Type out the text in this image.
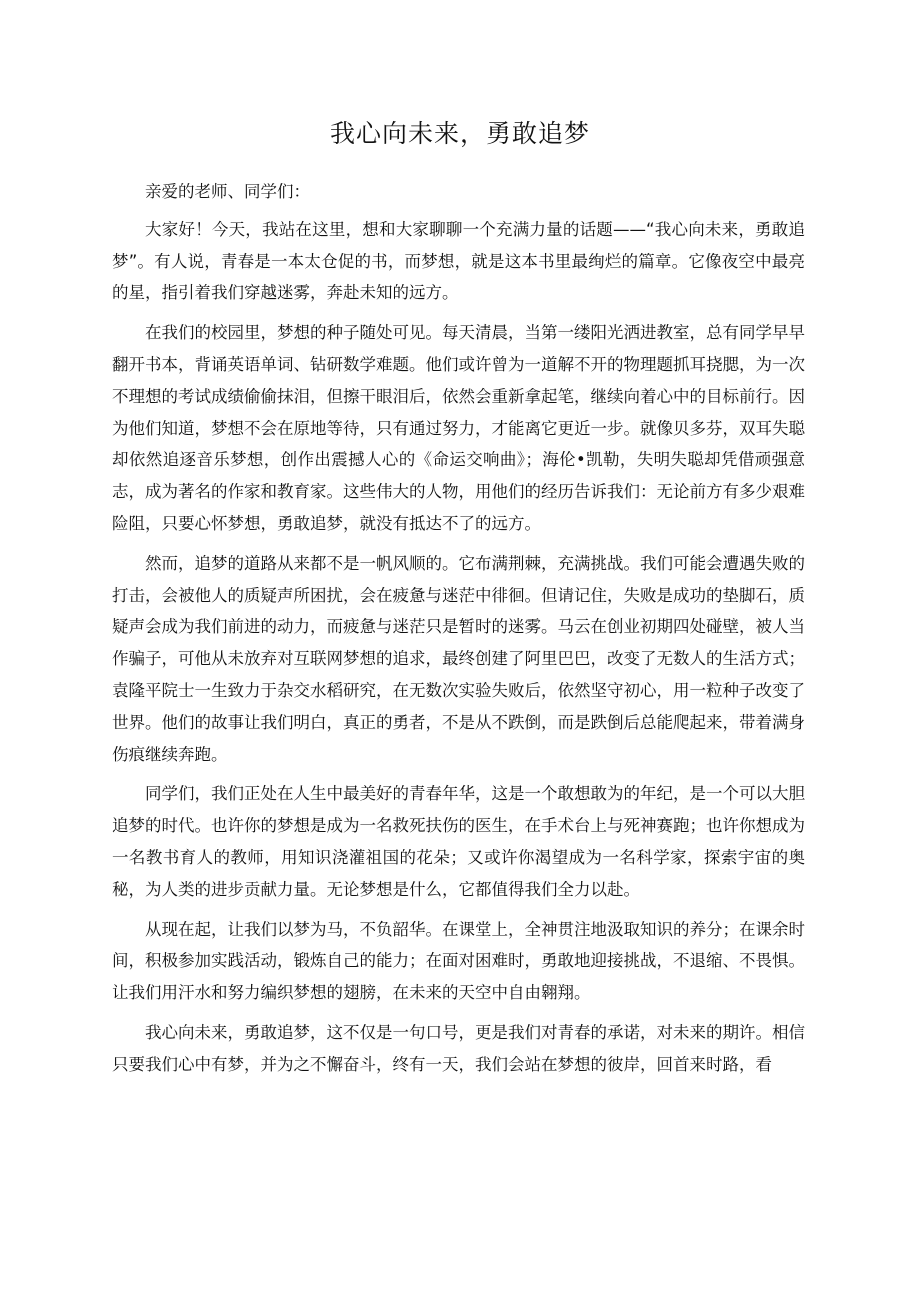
我心向未来，勇敢追梦

亲爱的老师、同学们：

大家好！今天，我站在这里，想和大家聊聊一个充满力量的话题——“我心向未来，勇敢追梦”。有人说，青春是一本太仓促的书，而梦想，就是这本书里最绚烂的篇章。它像夜空中最亮的星，指引着我们穿越迷雾，奔赴未知的远方。

在我们的校园里，梦想的种子随处可见。每天清晨，当第一缕阳光洒进教室，总有同学早早翻开书本，背诵英语单词、钻研数学难题。他们或许曾为一道解不开的物理题抓耳挠腮，为一次不理想的考试成绩偷偷抹泪，但擦干眼泪后，依然会重新拿起笔，继续向着心中的目标前行。因为他们知道，梦想不会在原地等待，只有通过努力，才能离它更近一步。就像贝多芬，双耳失聪却依然追逐音乐梦想，创作出震撼人心的《命运交响曲》；海伦•凯勒，失明失聪却凭借顽强意志，成为著名的作家和教育家。这些伟大的人物，用他们的经历告诉我们：无论前方有多少艰难险阻，只要心怀梦想，勇敢追梦，就没有抵达不了的远方。

然而，追梦的道路从来都不是一帆风顺的。它布满荆棘，充满挑战。我们可能会遭遇失败的打击，会被他人的质疑声所困扰，会在疲惫与迷茫中徘徊。但请记住，失败是成功的垫脚石，质疑声会成为我们前进的动力，而疲惫与迷茫只是暂时的迷雾。马云在创业初期四处碰壁，被人当作骗子，可他从未放弃对互联网梦想的追求，最终创建了阿里巴巴，改变了无数人的生活方式；袁隆平院士一生致力于杂交水稻研究，在无数次实验失败后，依然坚守初心，用一粒种子改变了世界。他们的故事让我们明白，真正的勇者，不是从不跌倒，而是跌倒后总能爬起来，带着满身伤痕继续奔跑。

同学们，我们正处在人生中最美好的青春年华，这是一个敢想敢为的年纪，是一个可以大胆追梦的时代。也许你的梦想是成为一名救死扶伤的医生，在手术台上与死神赛跑；也许你想成为一名教书育人的教师，用知识浇灌祖国的花朵；又或许你渴望成为一名科学家，探索宇宙的奥秘，为人类的进步贡献力量。无论梦想是什么，它都值得我们全力以赴。

从现在起，让我们以梦为马，不负韶华。在课堂上，全神贯注地汲取知识的养分；在课余时间，积极参加实践活动，锻炼自己的能力；在面对困难时，勇敢地迎接挑战，不退缩、不畏惧。让我们用汗水和努力编织梦想的翅膀，在未来的天空中自由翱翔。

我心向未来，勇敢追梦，这不仅是一句口号，更是我们对青春的承诺，对未来的期许。相信只要我们心中有梦，并为之不懈奋斗，终有一天，我们会站在梦想的彼岸，回首来时路，看
